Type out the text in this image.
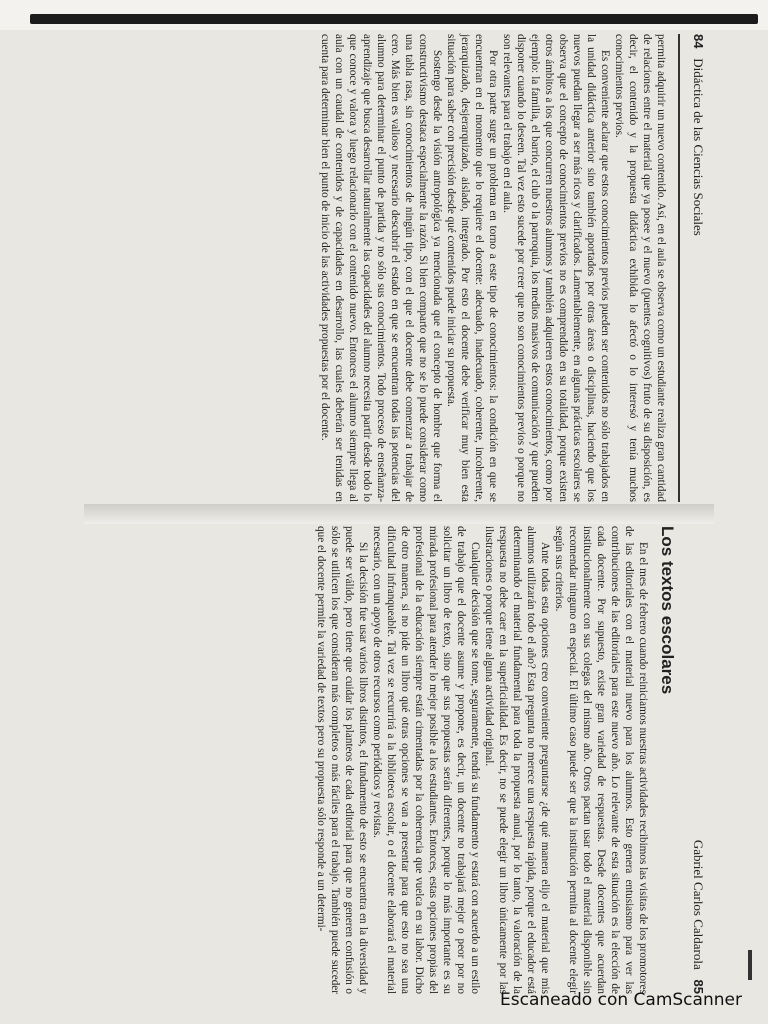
84   Didáctica de las Ciencias Sociales

permita adquirir un nuevo contenido. Así, en el aula se observa como un estudiante realiza gran cantidad de relaciones entre el material que ya posee y el nuevo (puentes cognitivos) fruto de su disposición, es decir, el contenido y la propuesta didáctica exhibida lo afectó o lo interesó y tenía muchos conocimientos previos.

Es conveniente aclarar que estos conocimientos previos pueden ser contenidos no sólo trabajados en la unidad didáctica anterior sino también aportados por otras áreas o disciplinas, haciendo que los nuevos puedan llegar a ser más ricos y clarificados. Lamentablemente, en algunas prácticas escolares se observa que el concepto de conocimientos previos no es comprendido en su totalidad, porque existen otros ámbitos a los que concurren nuestros alumnos y también adquieren estos conocimientos, como por ejemplo: la familia, el barrio, el club o la parroquia, los medios masivos de comunicación y que pueden disponer cuando lo deseen. Tal vez esto sucede por creer que no son conocimientos previos o porque no son relevantes para el trabajo en el aula.

Por otra parte surge un problema en torno a este tipo de conocimientos: la condición en que se encuentran en el momento que lo requiere el docente: adecuado, inadecuado, coherente, incoherente, jerarquizado, desjerarquizado, aislado, integrado. Por esto el docente debe verificar muy bien esta situación para saber con precisión desde qué contenidos puede iniciar su propuesta.

Sostengo desde la visión antropológica ya mencionada que el concepto de hombre que forma el constructivismo destaca especialmente la razón. Si bien comparto que no se lo puede considerar como una tabla rasa, sin conocimientos de ningún tipo, con el que el docente debe comenzar a trabajar de cero. Más bien es valioso y necesario descubrir el estado en que se encuentran todas las potencias del alumno para determinar el punto de partida y no sólo sus conocimientos. Todo proceso de enseñanza-aprendizaje que busca desarrollar naturalmente las capacidades del alumno necesita partir desde todo lo que conoce y valora y luego relacionarlo con el contenido nuevo. Entonces el alumno siempre llega al aula con un caudal de contenidos y de capacidades en desarrollo, las cuales deberán ser tenidas en cuenta para determinar bien el punto de inicio de las actividades propuestas por el docente.

Gabriel Carlos Caldarola   85
Los textos escolares

En el mes de febrero cuando reiniciamos nuestras actividades recibimos las visitas de los promotores de las editoriales con el material nuevo para los alumnos. Esto genera entusiasmo para ver las contribuciones de las editoriales para este nuevo año. Lo relevante de esta situación es la elección de cada docente. Por supuesto, existe gran variedad de respuestas. Desde docentes que acuerdan institucionalmente con sus colegas del mismo año. Otros pactan usar todo el material disponible sin recomendar ninguno en especial. El último caso puede ser que la institución permita al docente elegir según sus criterios.

Ante todas esta opciones creo conveniente preguntarse ¿de qué manera elijo el material que mis alumnos utilizarán todo el año? Esta pregunta no merece una respuesta rápida, porque el educador está determinando el material fundamental para toda la propuesta anual, por lo tanto, la valoración de la respuesta no debe caer en la superficialidad. Es decir, no se puede elegir un libro únicamente por las ilustraciones o porque tiene alguna actividad original.

Cualquier decisión que se tome, seguramente, tendrá su fundamento y estará con acuerdo a un estilo de trabajo que el docente asume y propone, es decir, un docente no trabajará mejor o peor por no solicitar un libro de texto, sino que sus propuestas serán diferentes, porque lo más importante es su mirada profesional para atender lo mejor posible a los estudiantes. Entonces, estas opciones propias del profesional de la educación siempre están cimentadas por la coherencia que vuelca en su labor. Dicho de otro manera, si no pide un libro qué otras opciones se van a presentar para que esto no sea una dificultad infranqueable. Tal vez se recurrirá a la biblioteca escolar, o el docente elaborará el material necesario, con un apoyo de otros recursos como periódicos y revistas.

Si la decisión fue usar varios libros distintos, el fundamento de esto se encuentra en la diversidad y puede ser válido, pero tiene que cuidar los planteos de cada editorial para que no generen confusión o sólo se utilicen los que consideran más completos o más fáciles para el trabajo. También puede suceder que el docente permite la variedad de textos pero su propuesta sólo responde a un determi-

Escaneado con CamScanner
